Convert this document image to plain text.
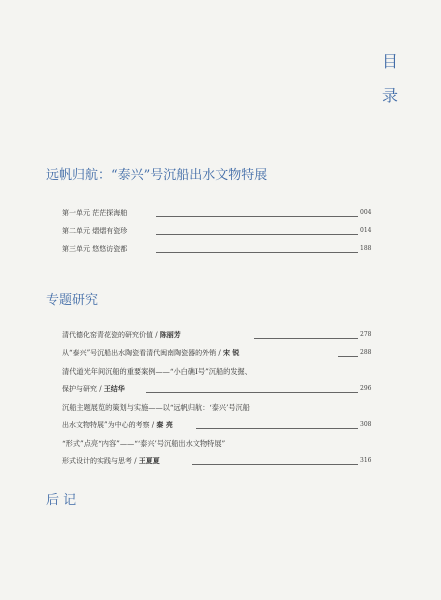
目
录
远帆归航：“泰兴”号沉船出水文物特展
第一单元 茫茫探海舶	004
第二单元 熠熠有瓷珍	014
第三单元 悠悠访瓷都	188
专题研究
清代德化窑青花瓷的研究价值 / 陈丽芳	278
从“泰兴”号沉船出水陶瓷看清代闽南陶瓷器的外销 / 宋 锐	288
清代道光年间沉船的重要案例——“小白礁Ⅰ号”沉船的发掘、
保护与研究 / 王结华	296
沉船主题展览的策划与实施——以“远帆归航：‘泰兴’号沉船
出水文物特展”为中心的考察 / 秦 亮	308
“形式”点亮“内容”——“‘泰兴’号沉船出水文物特展”
形式设计的实践与思考 / 王夏夏	316
后 记
